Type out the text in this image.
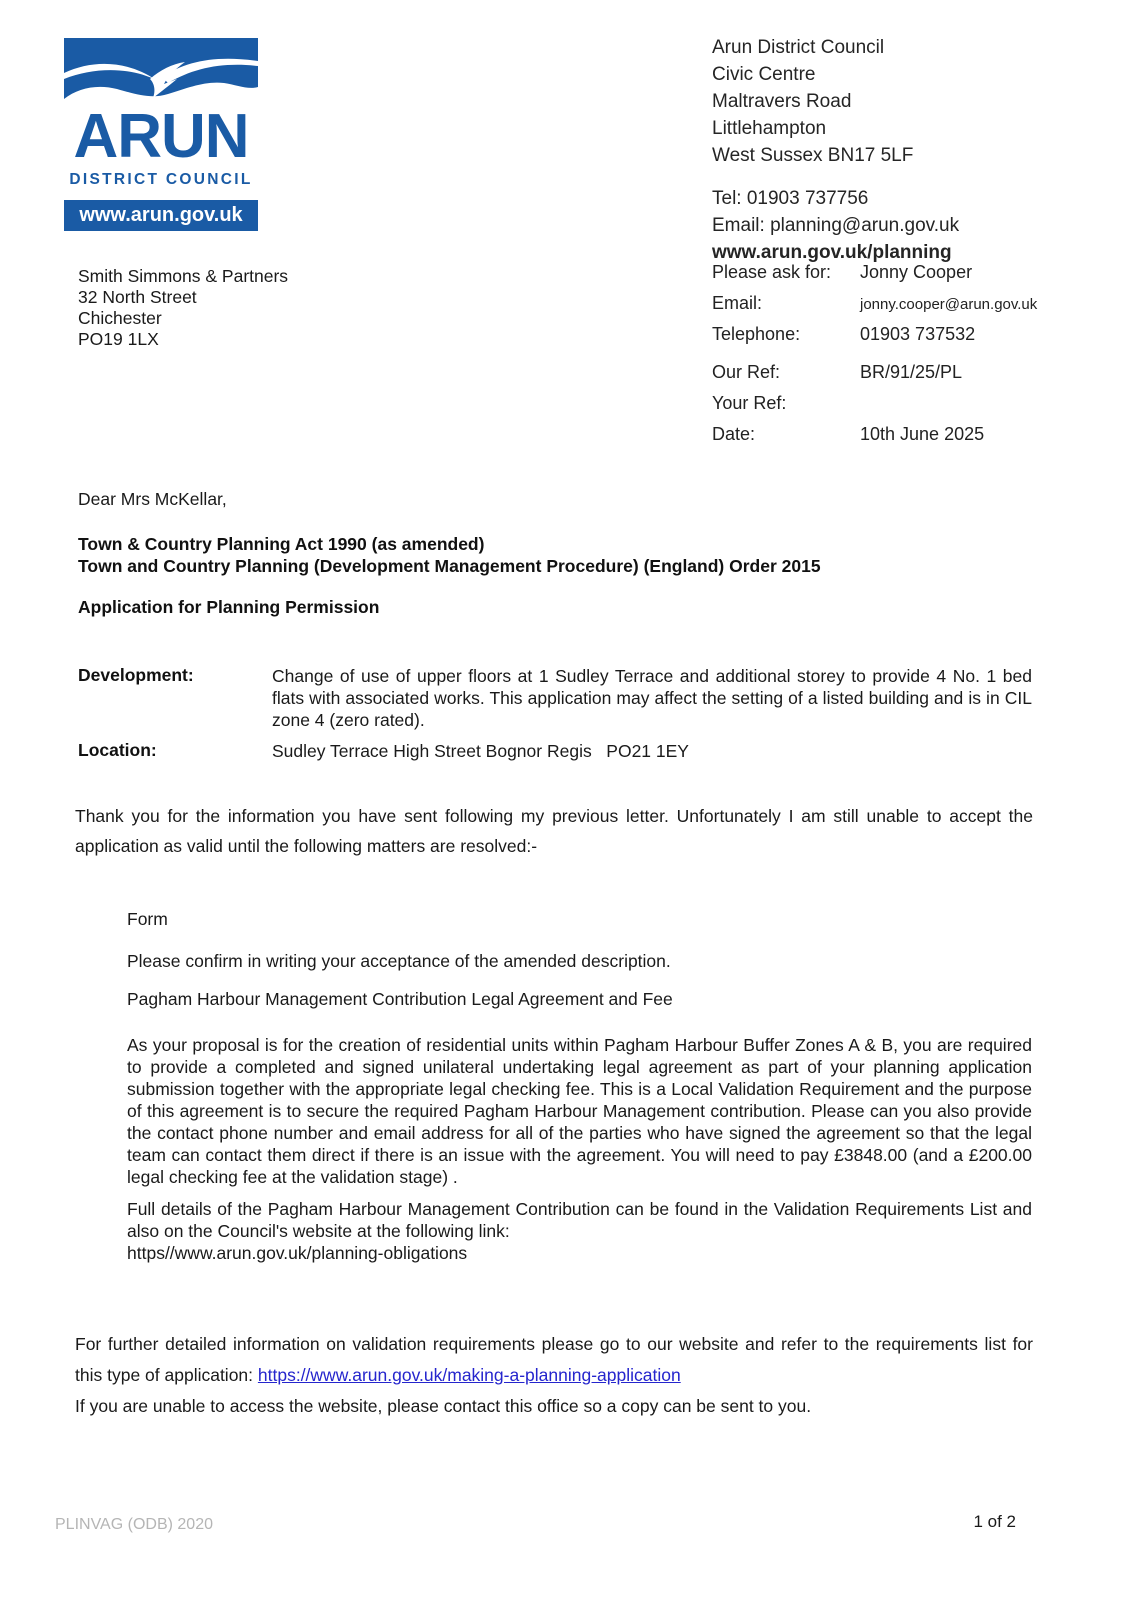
ARUN
DISTRICT COUNCIL
www.arun.gov.uk
Arun District Council
Civic Centre
Maltravers Road
Littlehampton
West Sussex BN17 5LF
Tel: 01903 737756
Email: planning@arun.gov.uk
www.arun.gov.uk/planning
Please ask for:	Jonny Cooper
Email:	jonny.cooper@arun.gov.uk
Telephone:	01903 737532
Our Ref:	BR/91/25/PL
Your Ref:
Date:	10th June 2025
Smith Simmons & Partners
32 North Street
Chichester
PO19 1LX
Dear Mrs McKellar,
Town & Country Planning Act 1990 (as amended)
Town and Country Planning (Development Management Procedure) (England) Order 2015
Application for Planning Permission
Development:	Change of use of upper floors at 1 Sudley Terrace and additional storey to provide 4 No. 1 bed flats with associated works. This application may affect the setting of a listed building and is in CIL zone 4 (zero rated).
Location:	Sudley Terrace High Street Bognor Regis   PO21 1EY
Thank you for the information you have sent following my previous letter. Unfortunately I am still unable to accept the application as valid until the following matters are resolved:-
Form
Please confirm in writing your acceptance of the amended description.
Pagham Harbour Management Contribution Legal Agreement and Fee
As your proposal is for the creation of residential units within Pagham Harbour Buffer Zones A & B, you are required to provide a completed and signed unilateral undertaking legal agreement as part of your planning application submission together with the appropriate legal checking fee. This is a Local Validation Requirement and the purpose of this agreement is to secure the required Pagham Harbour Management contribution. Please can you also provide the contact phone number and email address for all of the parties who have signed the agreement so that the legal team can contact them direct if there is an issue with the agreement. You will need to pay £3848.00 (and a £200.00 legal checking fee at the validation stage) .
Full details of the Pagham Harbour Management Contribution can be found in the Validation Requirements List and also on the Council's website at the following link:
https//www.arun.gov.uk/planning-obligations
For further detailed information on validation requirements please go to our website and refer to the requirements list for this type of application: https://www.arun.gov.uk/making-a-planning-application
If you are unable to access the website, please contact this office so a copy can be sent to you.
PLINVAG (ODB) 2020	1 of 2
